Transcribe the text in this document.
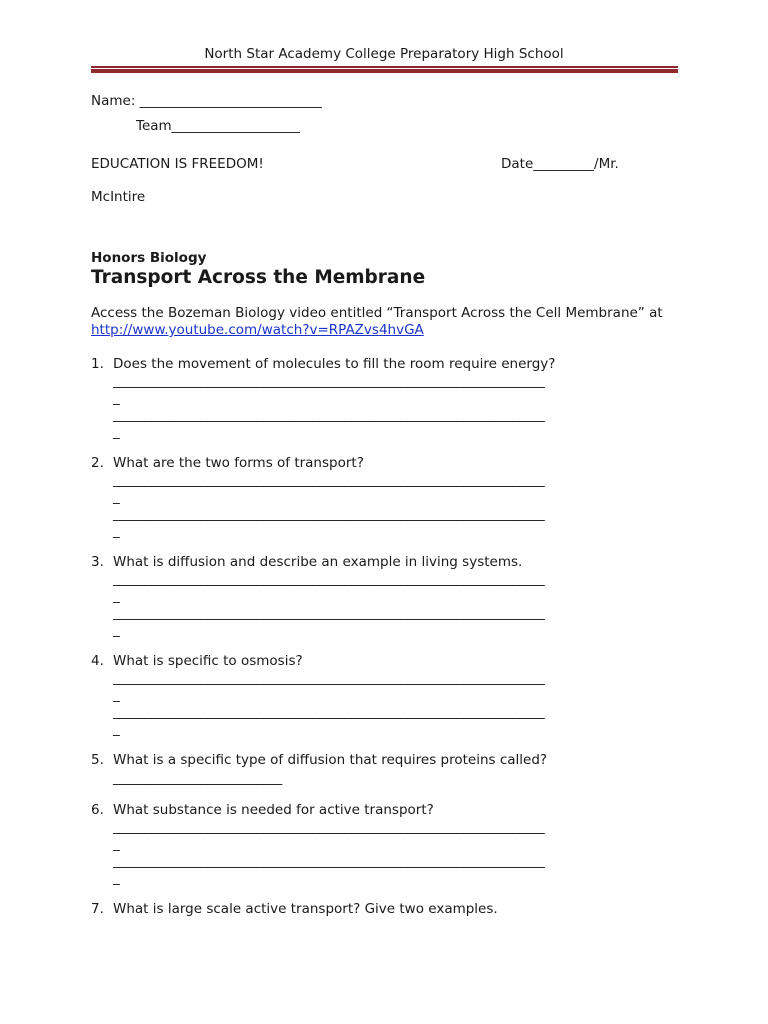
North Star Academy College Preparatory High School
Name: ___________________________
Team___________________
EDUCATION IS FREEDOM!	Date_________/Mr.
McIntire
Honors Biology
Transport Across the Membrane
Access the Bozeman Biology video entitled “Transport Across the Cell Membrane” at
http://www.youtube.com/watch?v=RPAZvs4hvGA
1. Does the movement of molecules to fill the room require energy?
_____________________________________________________________________
_
_____________________________________________________________________
_
2. What are the two forms of transport?
_____________________________________________________________________
_
_____________________________________________________________________
_
3. What is diffusion and describe an example in living systems.
_____________________________________________________________________
_
_____________________________________________________________________
_
4. What is specific to osmosis?
_____________________________________________________________________
_
_____________________________________________________________________
_
5. What is a specific type of diffusion that requires proteins called?
___________________________
6. What substance is needed for active transport?
_____________________________________________________________________
_
_____________________________________________________________________
_
7. What is large scale active transport? Give two examples.
